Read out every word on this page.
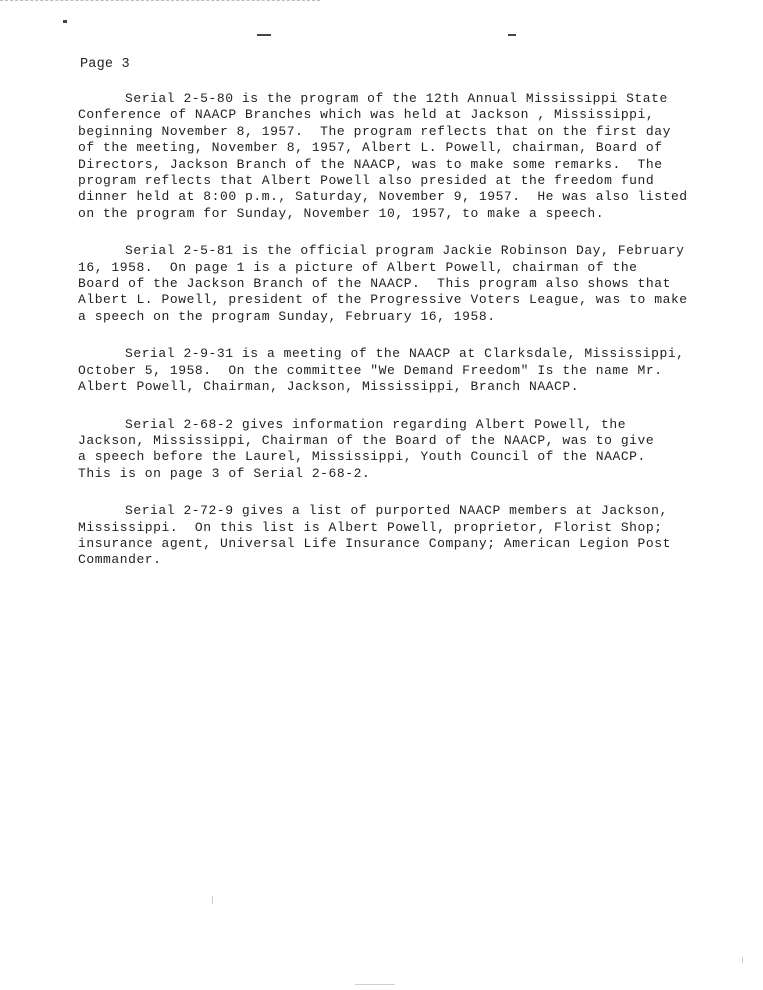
Page 3

Serial 2-5-80 is the program of the 12th Annual Mississippi State
Conference of NAACP Branches which was held at Jackson , Mississippi,
beginning November 8, 1957.  The program reflects that on the first day
of the meeting, November 8, 1957, Albert L. Powell, chairman, Board of
Directors, Jackson Branch of the NAACP, was to make some remarks.  The
program reflects that Albert Powell also presided at the freedom fund
dinner held at 8:00 p.m., Saturday, November 9, 1957.  He was also listed
on the program for Sunday, November 10, 1957, to make a speech.

Serial 2-5-81 is the official program Jackie Robinson Day, February
16, 1958.  On page 1 is a picture of Albert Powell, chairman of the
Board of the Jackson Branch of the NAACP.  This program also shows that
Albert L. Powell, president of the Progressive Voters League, was to make
a speech on the program Sunday, February 16, 1958.

Serial 2-9-31 is a meeting of the NAACP at Clarksdale, Mississippi,
October 5, 1958.  On the committee "We Demand Freedom" Is the name Mr.
Albert Powell, Chairman, Jackson, Mississippi, Branch NAACP.

Serial 2-68-2 gives information regarding Albert Powell, the
Jackson, Mississippi, Chairman of the Board of the NAACP, was to give
a speech before the Laurel, Mississippi, Youth Council of the NAACP.
This is on page 3 of Serial 2-68-2.

Serial 2-72-9 gives a list of purported NAACP members at Jackson,
Mississippi.  On this list is Albert Powell, proprietor, Florist Shop;
insurance agent, Universal Life Insurance Company; American Legion Post
Commander.
